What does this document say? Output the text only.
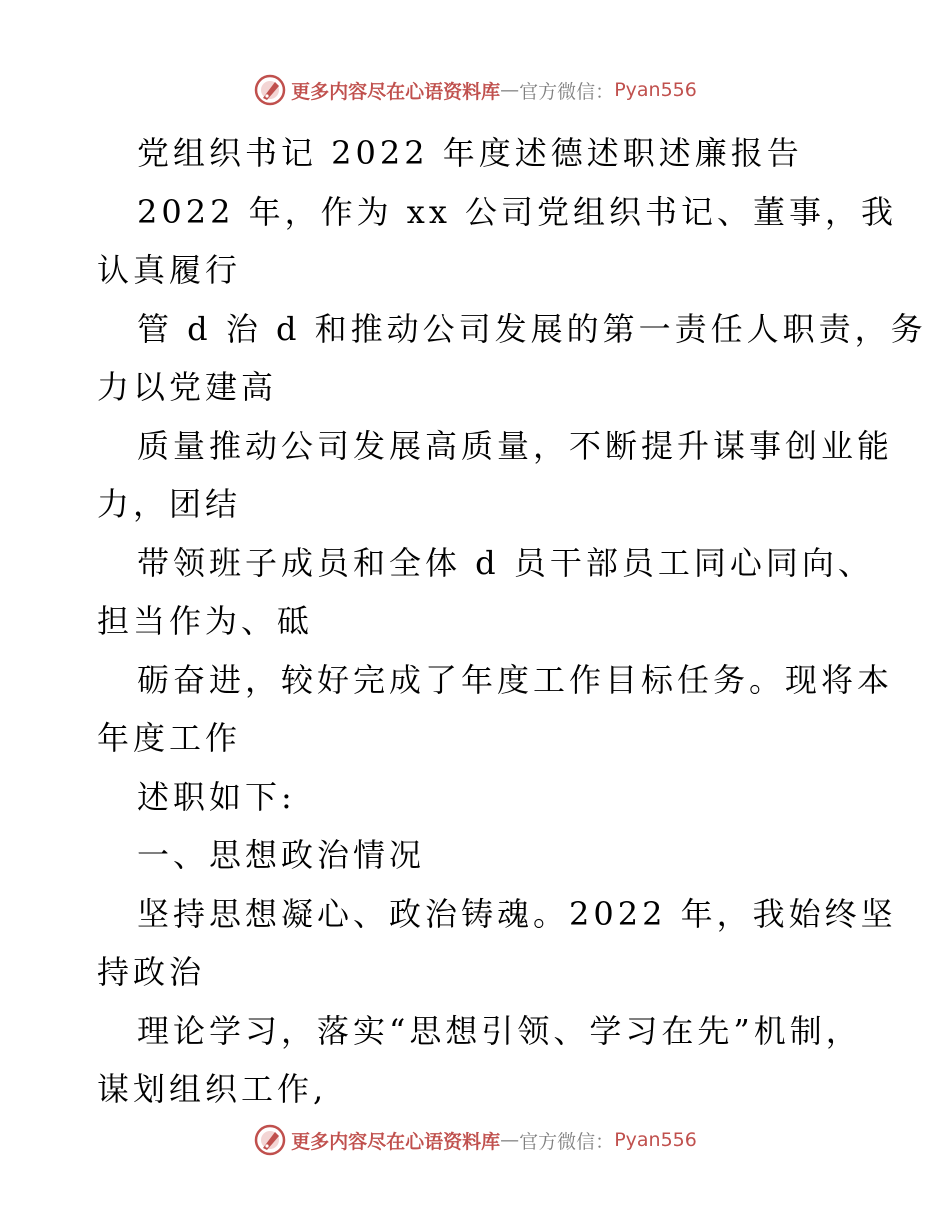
更多内容尽在心语资料库 — 官方微信： Pyan556
党组织书记 2022 年度述德述职述廉报告
2022 年，作为 xx 公司党组织书记、董事，我
认真履行
管 d 治 d 和推动公司发展的第一责任人职责，务
力以党建高
质量推动公司发展高质量，不断提升谋事创业能
力，团结
带领班子成员和全体 d 员干部员工同心同向、
担当作为、砥
砺奋进，较好完成了年度工作目标任务。现将本
年度工作
述职如下:
一、思想政治情况
坚持思想凝心、政治铸魂。2022 年，我始终坚
持政治
理论学习，落实“思想引领、学习在先”机制，
谋划组织工作,
更多内容尽在心语资料库 — 官方微信： Pyan556
